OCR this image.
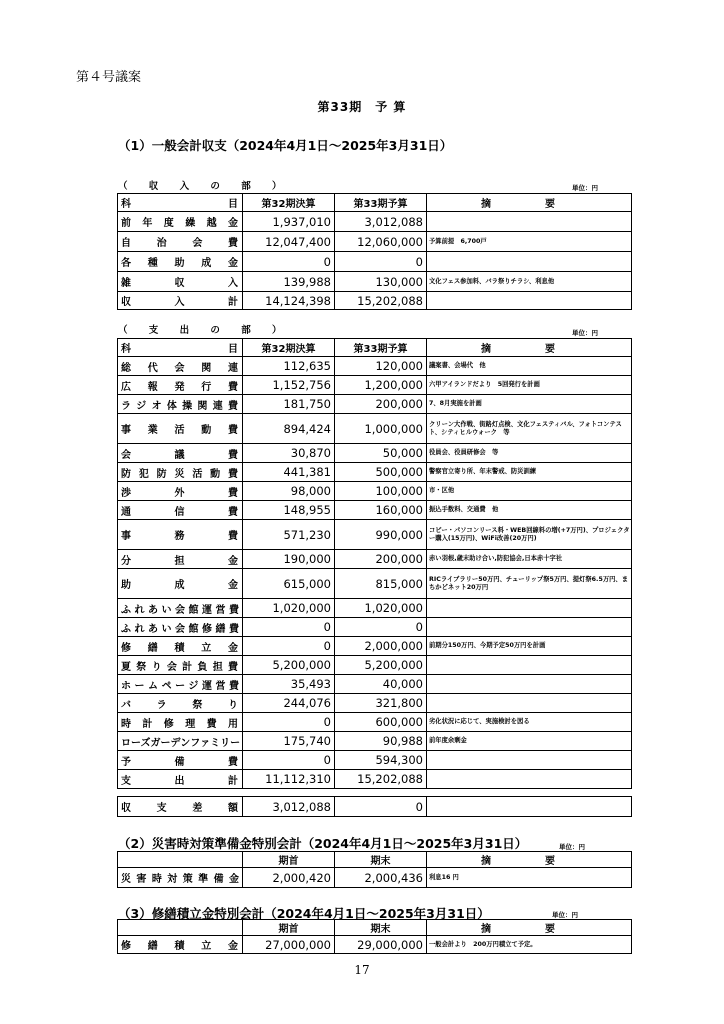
第４号議案
第33期　予 算
（1）一般会計収支（2024年4月1日～2025年3月31日）
（ 収 入 の 部 ）	単位：円
科目	第32期決算	第33期予算	摘　要
前年度繰越金	1,937,010	3,012,088	
自治会費	12,047,400	12,060,000	予算前提　6,700戸
各種助成金	0	0	
雑収入	139,988	130,000	文化フェス参加料、バラ祭りチラシ、利息他
収入計	14,124,398	15,202,088	
（ 支 出 の 部 ）	単位：円
科目	第32期決算	第33期予算	摘　要
総代会関連	112,635	120,000	議案書、会場代　他
広報発行費	1,152,756	1,200,000	六甲アイランドだより　5回発行を計画
ラジオ体操関連費	181,750	200,000	7、8月実施を計画
事業活動費	894,424	1,000,000	クリーン大作戦、街路灯点検、文化フェスティバル、フォトコンテスト、シティヒルウォーク　等
会議費	30,870	50,000	役員会、役員研修会　等
防犯防災活動費	441,381	500,000	警察官立寄り所、年末警戒、防災訓練
渉外費	98,000	100,000	市・区他
通信費	148,955	160,000	振込手数料、交通費　他
事務費	571,230	990,000	コピー・パソコンリース料・WEB回線料の増(+7万円)、プロジェクター購入(15万円)、WiFi改善(20万円)
分担金	190,000	200,000	赤い羽根,歳末助け合い,防犯協会,日本赤十字社
助成金	615,000	815,000	RICライブラリー50万円、チューリップ祭5万円、提灯祭6.5万円、まちかどネット20万円
ふれあい会館運営費	1,020,000	1,020,000	
ふれあい会館修繕費	0	0	
修繕積立金	0	2,000,000	前期分150万円、今期予定50万円を計画
夏祭り会計負担費	5,200,000	5,200,000	
ホームページ運営費	35,493	40,000	
バラ祭り	244,076	321,800	
時計修理費用	0	600,000	劣化状況に応じて、実施検討を図る
ローズガーデンファミリー	175,740	90,988	前年度余剰金
予備費	0	594,300	
支出計	11,112,310	15,202,088	
収支差額	3,012,088	0	
（2）災害時対策準備金特別会計（2024年4月1日～2025年3月31日）	単位：円
	期首	期末	摘　要
災害時対策準備金	2,000,420	2,000,436	利息16 円
（3）修繕積立金特別会計（2024年4月1日～2025年3月31日）	単位：円
	期首	期末	摘　要
修繕積立金	27,000,000	29,000,000	一般会計より　200万円積立て予定。
17
